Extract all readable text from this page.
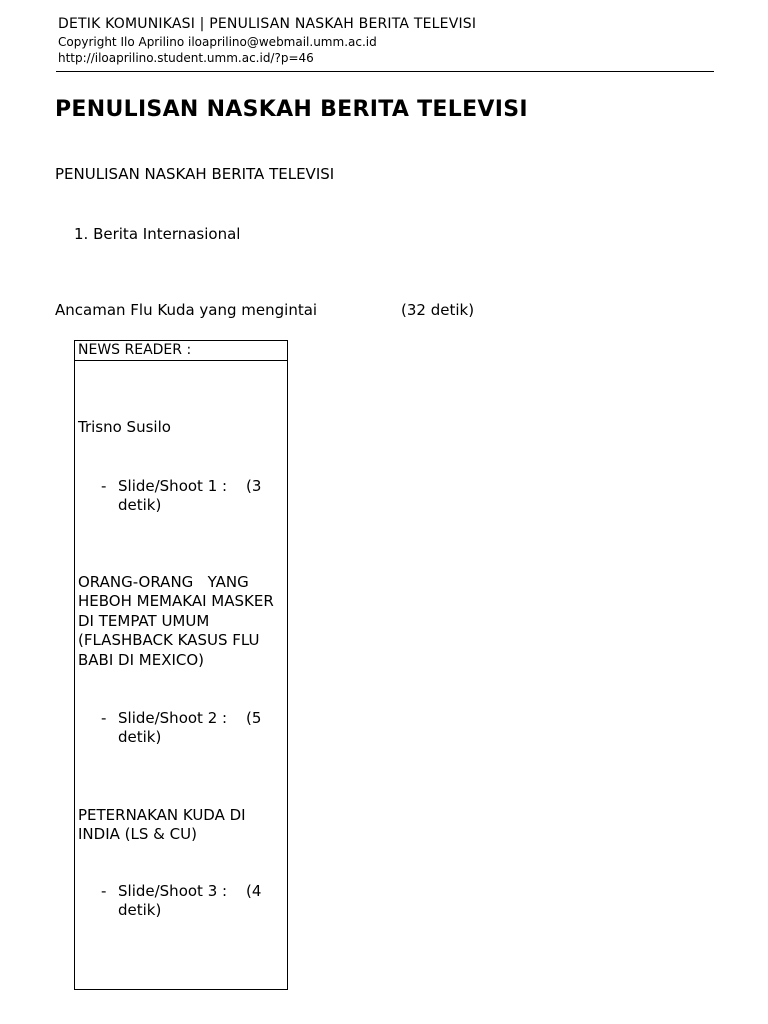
DETIK KOMUNIKASI | PENULISAN NASKAH BERITA TELEVISI
Copyright Ilo Aprilino iloaprilino@webmail.umm.ac.id
http://iloaprilino.student.umm.ac.id/?p=46
PENULISAN NASKAH BERITA TELEVISI
PENULISAN NASKAH BERITA TELEVISI
1. Berita Internasional
Ancaman Flu Kuda yang mengintai	(32 detik)
NEWS READER :
Trisno Susilo
- Slide/Shoot 1 : (3
detik)
ORANG-ORANG   YANG
HEBOH MEMAKAI MASKER
DI TEMPAT UMUM
(FLASHBACK KASUS FLU
BABI DI MEXICO)
- Slide/Shoot 2 : (5
detik)
PETERNAKAN KUDA DI
INDIA (LS & CU)
- Slide/Shoot 3 : (4
detik)
